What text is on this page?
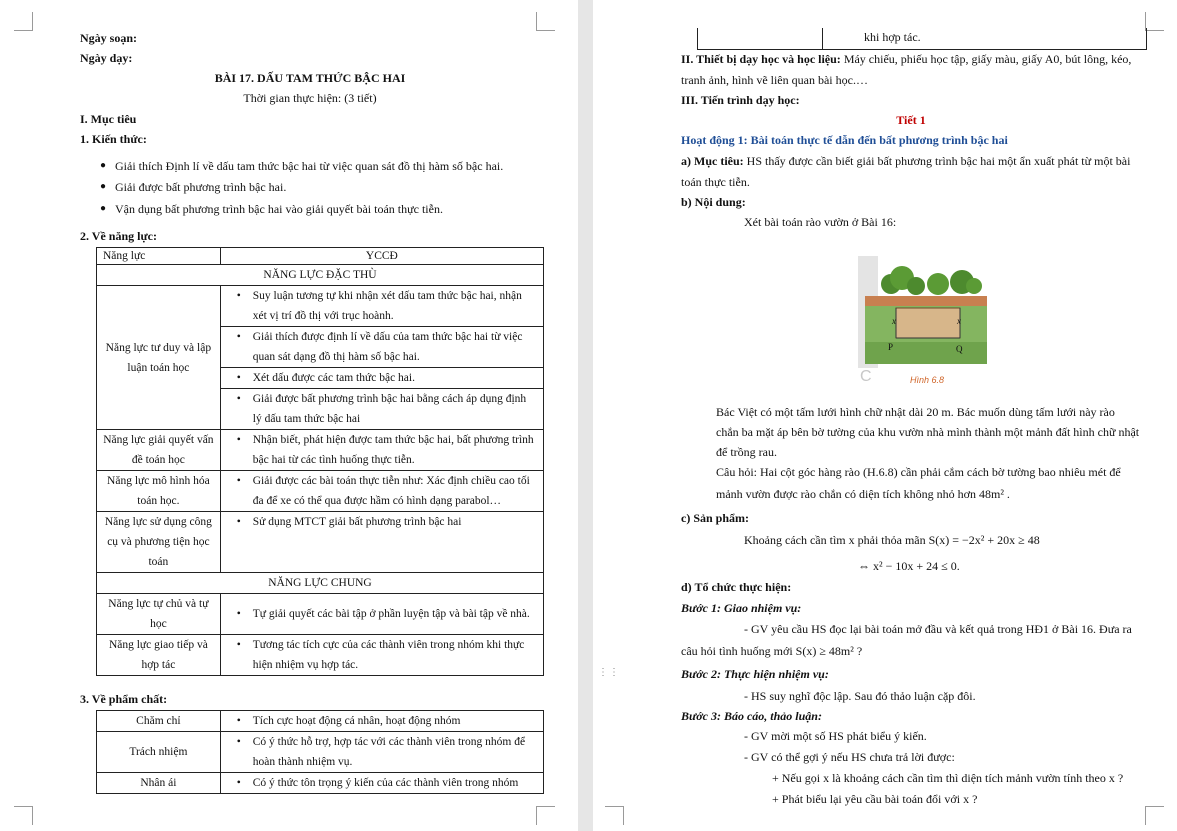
Ngày soạn:
Ngày dạy:
BÀI 17. DẤU TAM THỨC BẬC HAI
Thời gian thực hiện: (3 tiết)
I. Mục tiêu
1. Kiến thức:
● Giải thích Định lí về dấu tam thức bậc hai từ việc quan sát đồ thị hàm số bậc hai.
● Giải được bất phương trình bậc hai.
● Vận dụng bất phương trình bậc hai vào giải quyết bài toán thực tiễn.
2. Về năng lực:
Năng lực	YCCĐ
NĂNG LỰC ĐẶC THÙ	
Năng lực tư duy và lập luận toán học	• Suy luận tương tự khi nhận xét dấu tam thức bậc hai, nhận xét vị trí đồ thị với trục hoành.

	• Giải thích được định lí về dấu của tam thức bậc hai từ việc quan sát dạng đồ thị hàm số bậc hai.

	• Xét dấu được các tam thức bậc hai.

	• Giải được bất phương trình bậc hai bằng cách áp dụng định lý dấu tam thức bậc hai

Năng lực giải quyết vấn đề toán học	• Nhận biết, phát hiện được tam thức bậc hai, bất phương trình bậc hai từ các tình huống thực tiễn.

Năng lực mô hình hóa toán học.	• Giải được các bài toán thực tiễn như: Xác định chiều cao tối đa để xe có thể qua được hầm có hình dạng parabol…

Năng lực sử dụng công cụ và phương tiện học toán	• Sử dụng MTCT giải bất phương trình bậc hai

NĂNG LỰC CHUNG	
Năng lực tự chủ và tự học	• Tự giải quyết các bài tập ở phần luyện tập và bài tập về nhà.

Năng lực giao tiếp và hợp tác	• Tương tác tích cực của các thành viên trong nhóm khi thực hiện nhiệm vụ hợp tác.
3. Về phẩm chất:
Chăm chỉ	• Tích cực hoạt động cá nhân, hoạt động nhóm

Trách nhiệm	• Có ý thức hỗ trợ, hợp tác với các thành viên trong nhóm để hoàn thành nhiệm vụ.

Nhân ái	• Có ý thức tôn trọng ý kiến của các thành viên trong nhóm
khi hợp tác.
II. Thiết bị dạy học và học liệu: Máy chiếu, phiếu học tập, giấy màu, giấy A0, bút lông, kéo,
tranh ảnh, hình vẽ liên quan bài học.…
III. Tiến trình dạy học:
Tiết 1
Hoạt động 1: Bài toán thực tế dẫn đến bất phương trình bậc hai
a) Mục tiêu: HS thấy được cần biết giải bất phương trình bậc hai một ẩn xuất phát từ một bài
toán thực tiễn.
b) Nội dung:
Xét bài toán rào vườn ở Bài 16:
x	x
P	Q
C	Hình 6.8
Bác Việt có một tấm lưới hình chữ nhật dài 20 m. Bác muốn dùng tấm lưới này rào
chắn ba mặt áp bên bờ tường của khu vườn nhà mình thành một mảnh đất hình chữ nhật
để trồng rau.
Câu hỏi: Hai cột góc hàng rào (H.6.8) cần phải cắm cách bờ tường bao nhiêu mét để
mảnh vườn được rào chắn có diện tích không nhỏ hơn 48m² .
c) Sản phẩm:
Khoảng cách cần tìm x phải thỏa mãn S(x) = −2x² + 20x ≥ 48
⇔ x² − 10x + 24 ≤ 0.
d) Tổ chức thực hiện:
Bước 1: Giao nhiệm vụ:
- GV yêu cầu HS đọc lại bài toán mở đầu và kết quả trong HĐ1 ở Bài 16. Đưa ra
câu hỏi tình huống mới S(x) ≥ 48m² ?
Bước 2: Thực hiện nhiệm vụ:
- HS suy nghĩ độc lập. Sau đó thảo luận cặp đôi.
Bước 3: Báo cáo, thảo luận:
- GV mời một số HS phát biểu ý kiến.
- GV có thể gợi ý nếu HS chưa trả lời được:
+ Nếu gọi x là khoảng cách cần tìm thì diện tích mảnh vườn tính theo x ?
+ Phát biểu lại yêu cầu bài toán đổi với x ?
⋮⋮
